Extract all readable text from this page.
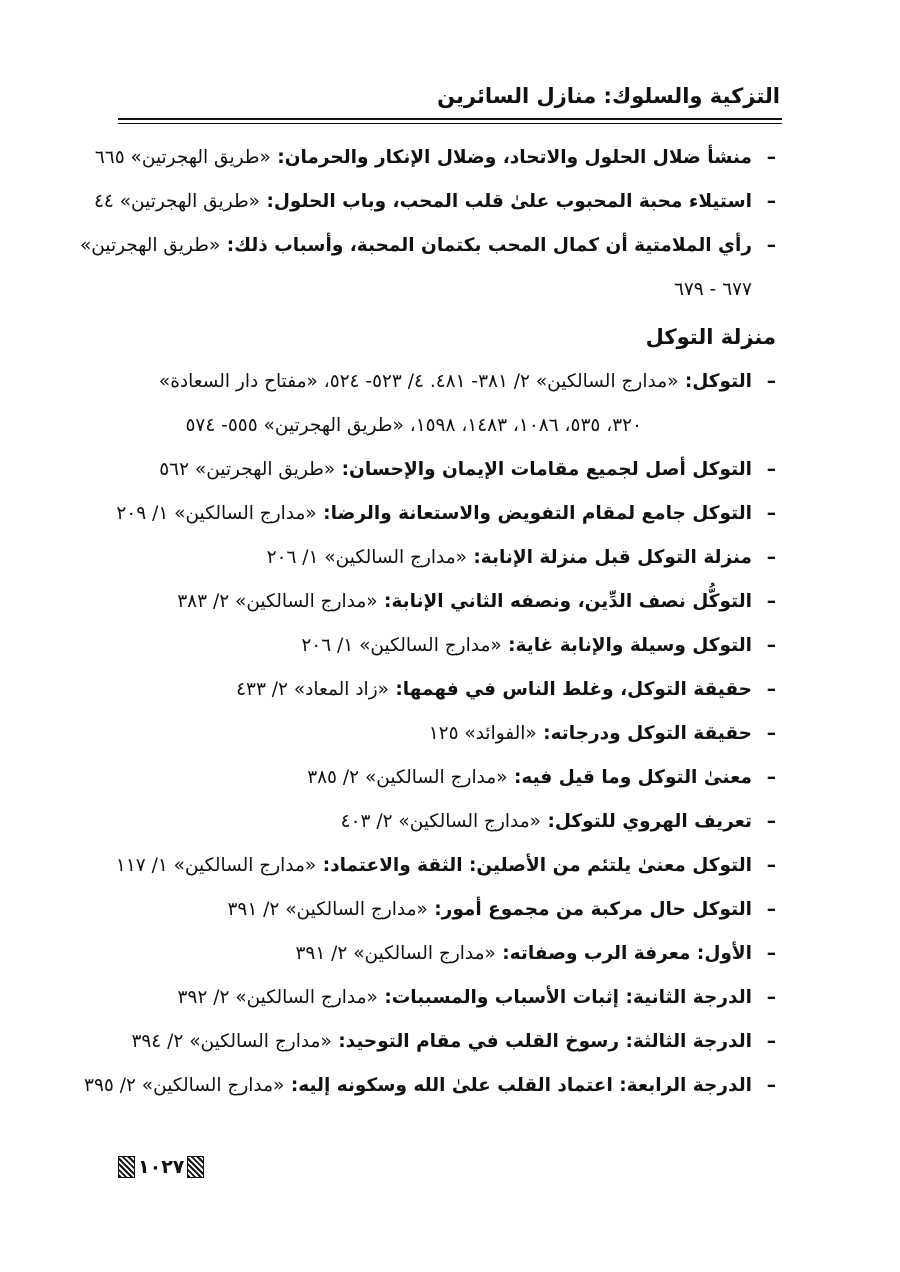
التزكية والسلوك: منازل السائرين
–
منشأ ضلال الحلول والاتحاد، وضلال الإنكار والحرمان: «طريق الهجرتين» ٦٦٥
–
استيلاء محبة المحبوب علىٰ قلب المحب، وباب الحلول: «طريق الهجرتين» ٤٤
–
رأي الملامتية أن كمال المحب بكتمان المحبة، وأسباب ذلك: «طريق الهجرتين»
٦٧٧ - ٦٧٩
منزلة التوكل
–
التوكل: «مدارج السالكين» ٢/ ٣٨١- ٤٨١. ٤/ ٥٢٣- ٥٢٤، «مفتاح دار السعادة»
٣٢٠، ٥٣٥، ١٠٨٦، ١٤٨٣، ١٥٩٨، «طريق الهجرتين» ٥٥٥- ٥٧٤
–
التوكل أصل لجميع مقامات الإيمان والإحسان: «طريق الهجرتين» ٥٦٢
–
التوكل جامع لمقام التفويض والاستعانة والرضا: «مدارج السالكين» ١/ ٢٠٩
–
منزلة التوكل قبل منزلة الإنابة: «مدارج السالكين» ١/ ٢٠٦
–
التوكُّل نصف الدِّين، ونصفه الثاني الإنابة: «مدارج السالكين» ٢/ ٣٨٣
–
التوكل وسيلة والإنابة غاية: «مدارج السالكين» ١/ ٢٠٦
–
حقيقة التوكل، وغلط الناس في فهمها: «زاد المعاد» ٢/ ٤٣٣
–
حقيقة التوكل ودرجاته: «الفوائد» ١٢٥
–
معنىٰ التوكل وما قيل فيه: «مدارج السالكين» ٢/ ٣٨٥
–
تعريف الهروي للتوكل: «مدارج السالكين» ٢/ ٤٠٣
–
التوكل معنىٰ يلتئم من الأصلين: الثقة والاعتماد: «مدارج السالكين» ١/ ١١٧
–
التوكل حال مركبة من مجموع أمور: «مدارج السالكين» ٢/ ٣٩١
–
الأول: معرفة الرب وصفاته: «مدارج السالكين» ٢/ ٣٩١
–
الدرجة الثانية: إثبات الأسباب والمسببات: «مدارج السالكين» ٢/ ٣٩٢
–
الدرجة الثالثة: رسوخ القلب في مقام التوحيد: «مدارج السالكين» ٢/ ٣٩٤
–
الدرجة الرابعة: اعتماد القلب علىٰ الله وسكونه إليه: «مدارج السالكين» ٢/ ٣٩٥
١٠٢٧
